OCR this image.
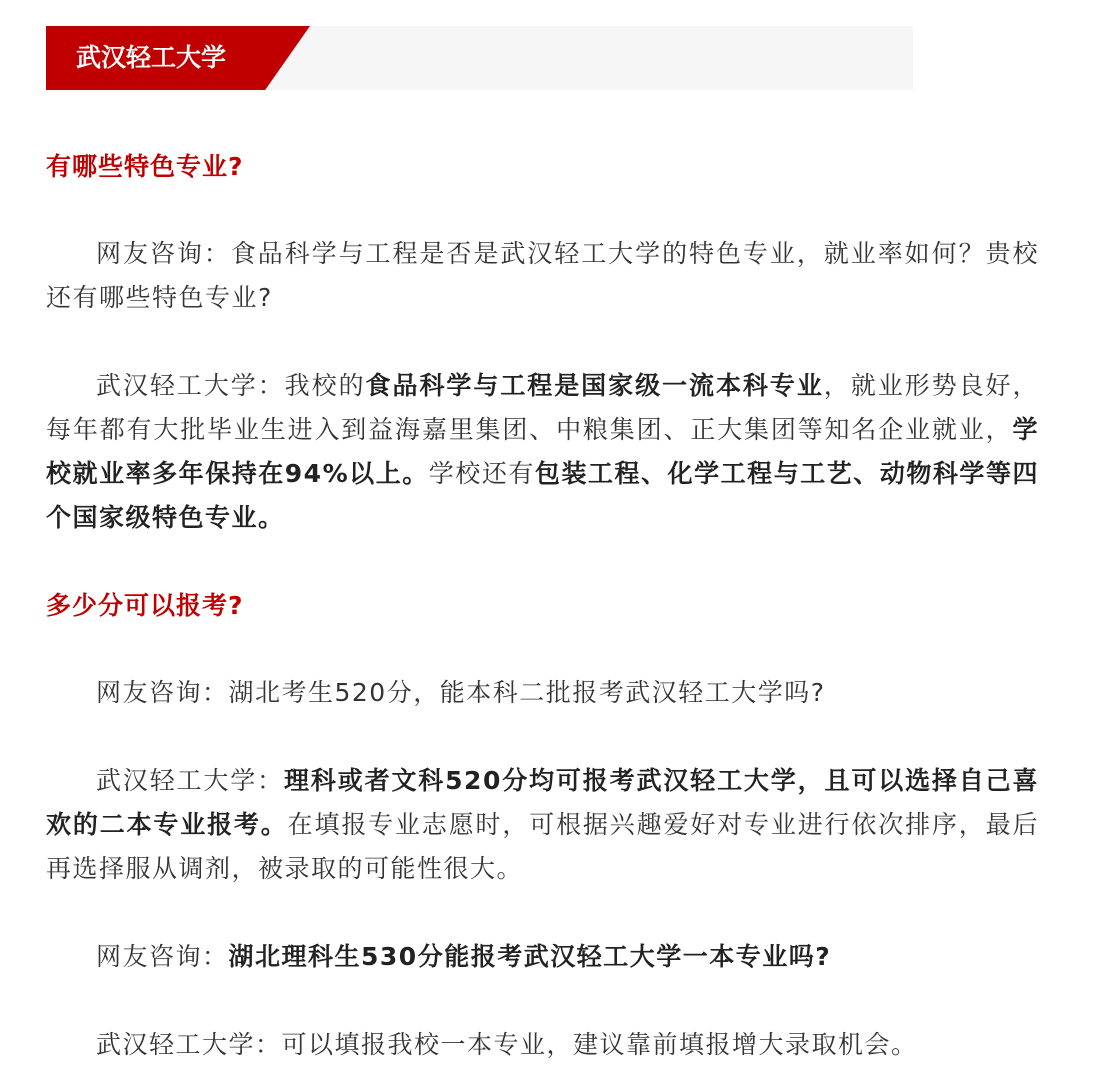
武汉轻工大学
有哪些特色专业?

网友咨询：食品科学与工程是否是武汉轻工大学的特色专业，就业率如何？贵校还有哪些特色专业?

武汉轻工大学：我校的食品科学与工程是国家级一流本科专业，就业形势良好，每年都有大批毕业生进入到益海嘉里集团、中粮集团、正大集团等知名企业就业，学校就业率多年保持在94%以上。学校还有包装工程、化学工程与工艺、动物科学等四个国家级特色专业。

多少分可以报考?

网友咨询：湖北考生520分，能本科二批报考武汉轻工大学吗?

武汉轻工大学：理科或者文科520分均可报考武汉轻工大学，且可以选择自己喜欢的二本专业报考。在填报专业志愿时，可根据兴趣爱好对专业进行依次排序，最后再选择服从调剂，被录取的可能性很大。

网友咨询：湖北理科生530分能报考武汉轻工大学一本专业吗?

武汉轻工大学：可以填报我校一本专业，建议靠前填报增大录取机会。
